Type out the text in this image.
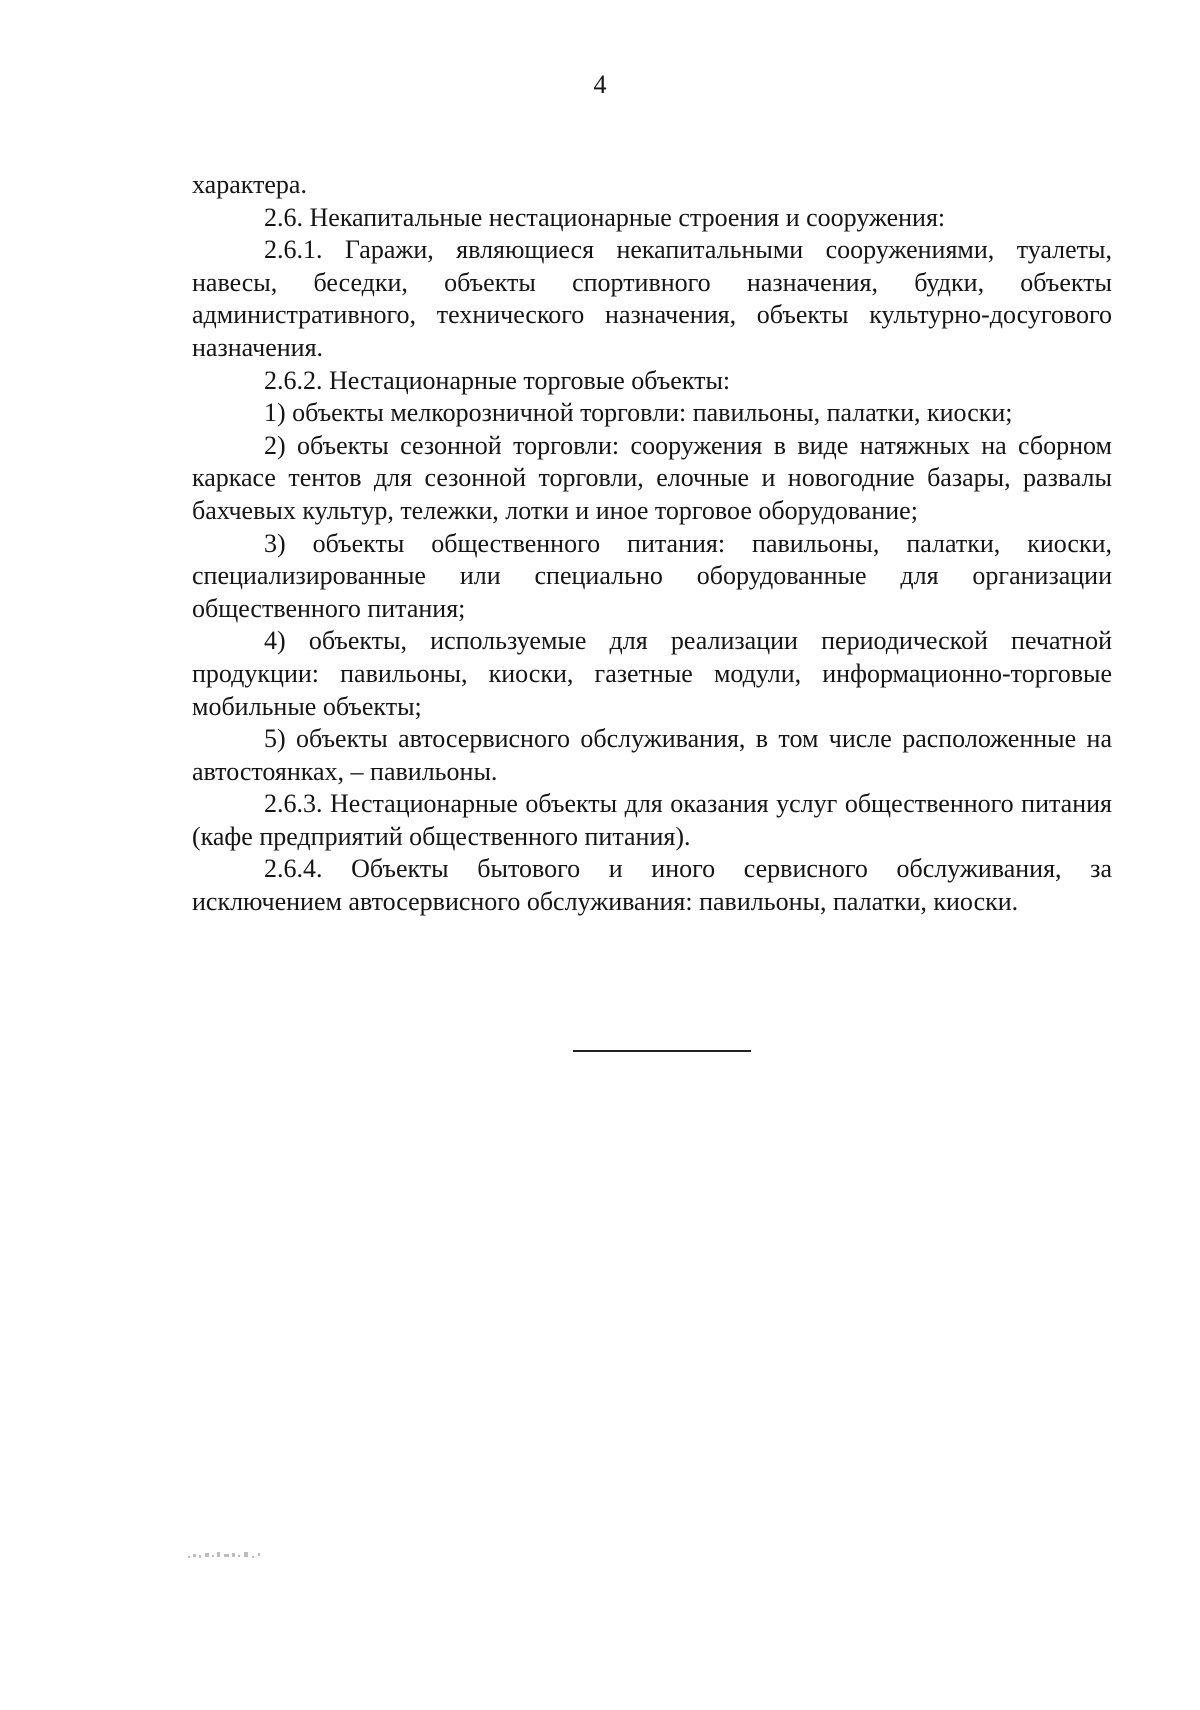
4

характера.

2.6. Некапитальные нестационарные строения и сооружения:

2.6.1. Гаражи, являющиеся некапитальными сооружениями, туалеты, навесы, беседки, объекты спортивного назначения, будки, объекты административного, технического назначения, объекты культурно-досугового назначения.

2.6.2. Нестационарные торговые объекты:

1) объекты мелкорозничной торговли: павильоны, палатки, киоски;

2) объекты сезонной торговли: сооружения в виде натяжных на сборном каркасе тентов для сезонной торговли, елочные и новогодние базары, развалы бахчевых культур, тележки, лотки и иное торговое оборудование;

3) объекты общественного питания: павильоны, палатки, киоски, специализированные или специально оборудованные для организации общественного питания;

4) объекты, используемые для реализации периодической печатной продукции: павильоны, киоски, газетные модули, информационно-торговые мобильные объекты;

5) объекты автосервисного обслуживания, в том числе расположенные на автостоянках, – павильоны.

2.6.3. Нестационарные объекты для оказания услуг общественного питания (кафе предприятий общественного питания).

2.6.4. Объекты бытового и иного сервисного обслуживания, за исключением автосервисного обслуживания: павильоны, палатки, киоски.
